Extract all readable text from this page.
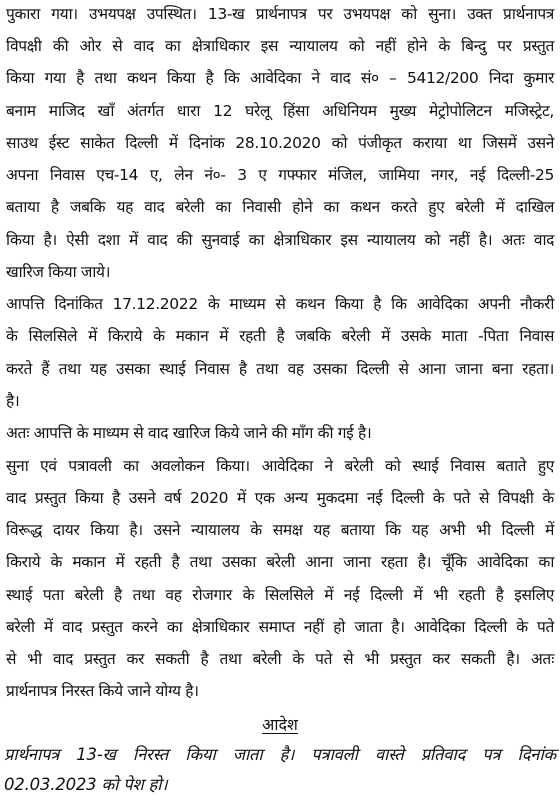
पुकारा गया। उभयपक्ष उपस्थित। 13-ख प्रार्थनापत्र पर उभयपक्ष को सुना। उक्त प्रार्थनापत्र
विपक्षी की ओर से वाद का क्षेत्राधिकार इस न्यायालय को नहीं होने के बिन्दु पर प्रस्तुत
किया गया है तथा कथन किया है कि आवेदिका ने वाद सं० – 5412/200 निदा कुमार
बनाम माजिद खाँ अंतर्गत धारा 12 घरेलू हिंसा अधिनियम मुख्य मेट्रोपोलिटन मजिस्ट्रेट,
साउथ ईस्ट साकेत दिल्ली में दिनांक 28.10.2020 को पंजीकृत कराया था जिसमें उसने
अपना निवास एच-14 ए, लेन नं०- 3 ए गफ्फार मंजिल, जामिया नगर, नई दिल्ली-25
बताया है जबकि यह वाद बरेली का निवासी होने का कथन करते हुए बरेली में दाखिल
किया है। ऐसी दशा में वाद की सुनवाई का क्षेत्राधिकार इस न्यायालय को नहीं है। अतः वाद
खारिज किया जाये।
आपत्ति दिनांकित 17.12.2022 के माध्यम से कथन किया है कि आवेदिका अपनी नौकरी
के सिलसिले में किराये के मकान में रहती है जबकि बरेली में उसके माता -पिता निवास
करते हैं तथा यह उसका स्थाई निवास है तथा वह उसका दिल्ली से आना जाना बना रहता।
है।
अतः आपत्ति के माध्यम से वाद खारिज किये जाने की माँग की गई है।
सुना एवं पत्रावली का अवलोकन किया। आवेदिका ने बरेली को स्थाई निवास बताते हुए
वाद प्रस्तुत किया है उसने वर्ष 2020 में एक अन्य मुकदमा नई दिल्ली के पते से विपक्षी के
विरूद्ध दायर किया है। उसने न्यायालय के समक्ष यह बताया कि यह अभी भी दिल्ली में
किराये के मकान में रहती है तथा उसका बरेली आना जाना रहता है। चूँकि आवेदिका का
स्थाई पता बरेली है तथा वह रोजगार के सिलसिले में नई दिल्ली में भी रहती है इसलिए
बरेली में वाद प्रस्तुत करने का क्षेत्राधिकार समाप्त नहीं हो जाता है। आवेदिका दिल्ली के पते
से भी वाद प्रस्तुत कर सकती है तथा बरेली के पते से भी प्रस्तुत कर सकती है। अतः
प्रार्थनापत्र निरस्त किये जाने योग्य है।
आदेश
प्रार्थनापत्र 13-ख निरस्त किया जाता है। पत्रावली वास्ते प्रतिवाद पत्र दिनांक
02.03.2023 को पेश हो।
